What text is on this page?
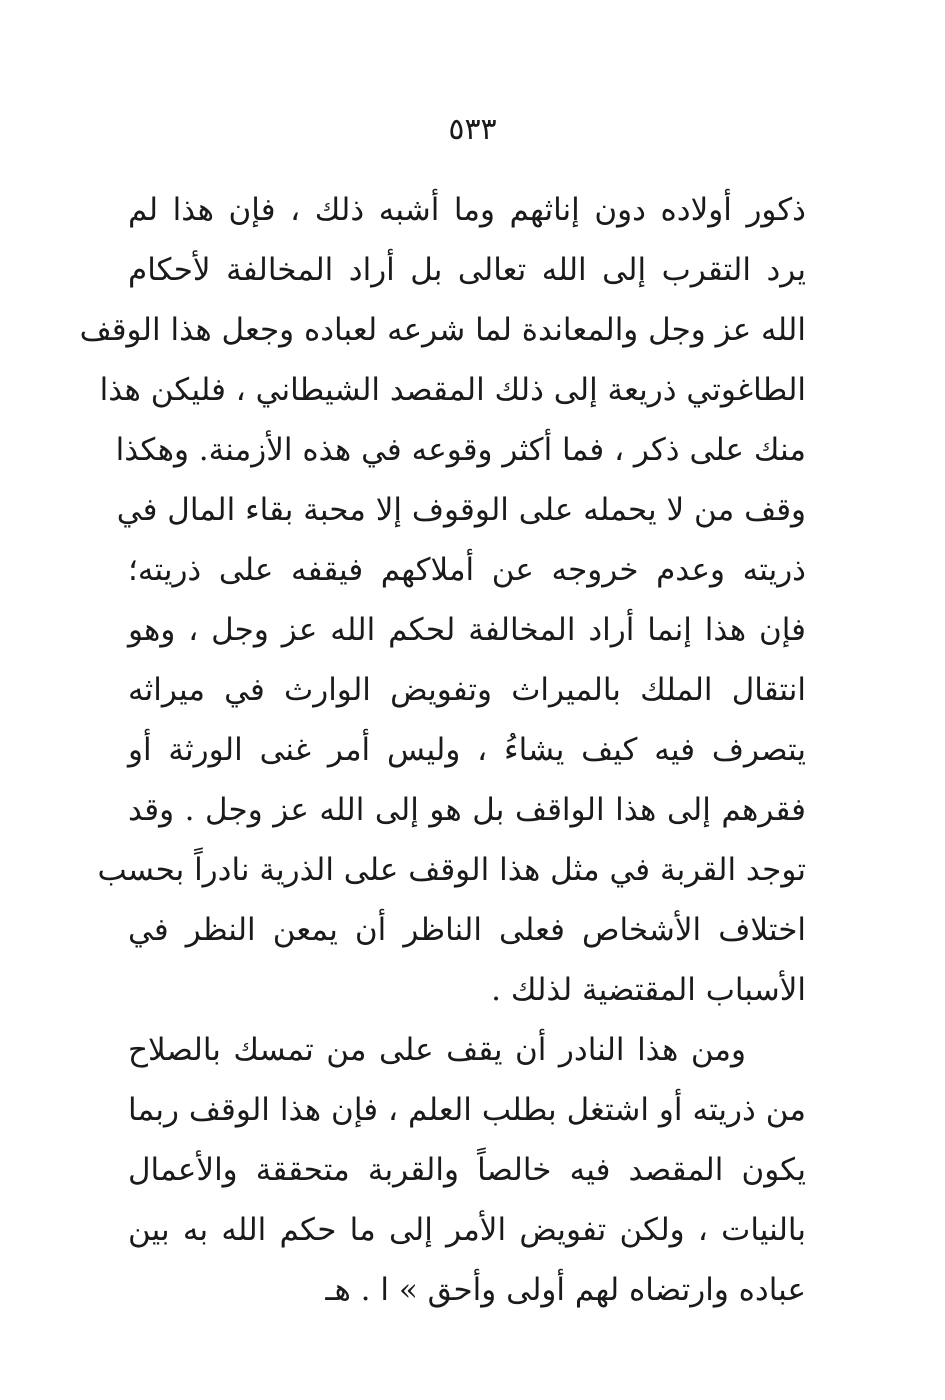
٥٣٣
ذكور أولاده دون إناثهم وما أشبه ذلك ، فإن هذا لم
يرد التقرب إلى الله تعالى بل أراد المخالفة لأحكام
الله عز وجل والمعاندة لما شرعه لعباده وجعل هذا الوقف
الطاغوتي ذريعة إلى ذلك المقصد الشيطاني ، فليكن هذا
منك على ذكر ، فما أكثر وقوعه في هذه الأزمنة. وهكذا
وقف من لا يحمله على الوقوف إلا محبة بقاء المال في
ذريته وعدم خروجه عن أملاكهم فيقفه على ذريته؛
فإن هذا إنما أراد المخالفة لحكم الله عز وجل ، وهو
انتقال الملك بالميراث وتفويض الوارث في ميراثه
يتصرف فيه كيف يشاءُ ، وليس أمر غنى الورثة أو
فقرهم إلى هذا الواقف بل هو إلى الله عز وجل . وقد
توجد القربة في مثل هذا الوقف على الذرية نادراً بحسب
اختلاف الأشخاص فعلى الناظر أن يمعن النظر في
الأسباب المقتضية لذلك .
ومن هذا النادر أن يقف على من تمسك بالصلاح
من ذريته أو اشتغل بطلب العلم ، فإن هذا الوقف ربما
يكون المقصد فيه خالصاً والقربة متحققة والأعمال
بالنيات ، ولكن تفويض الأمر إلى ما حكم الله به بين
عباده وارتضاه لهم أولى وأحق » ا . هـ
